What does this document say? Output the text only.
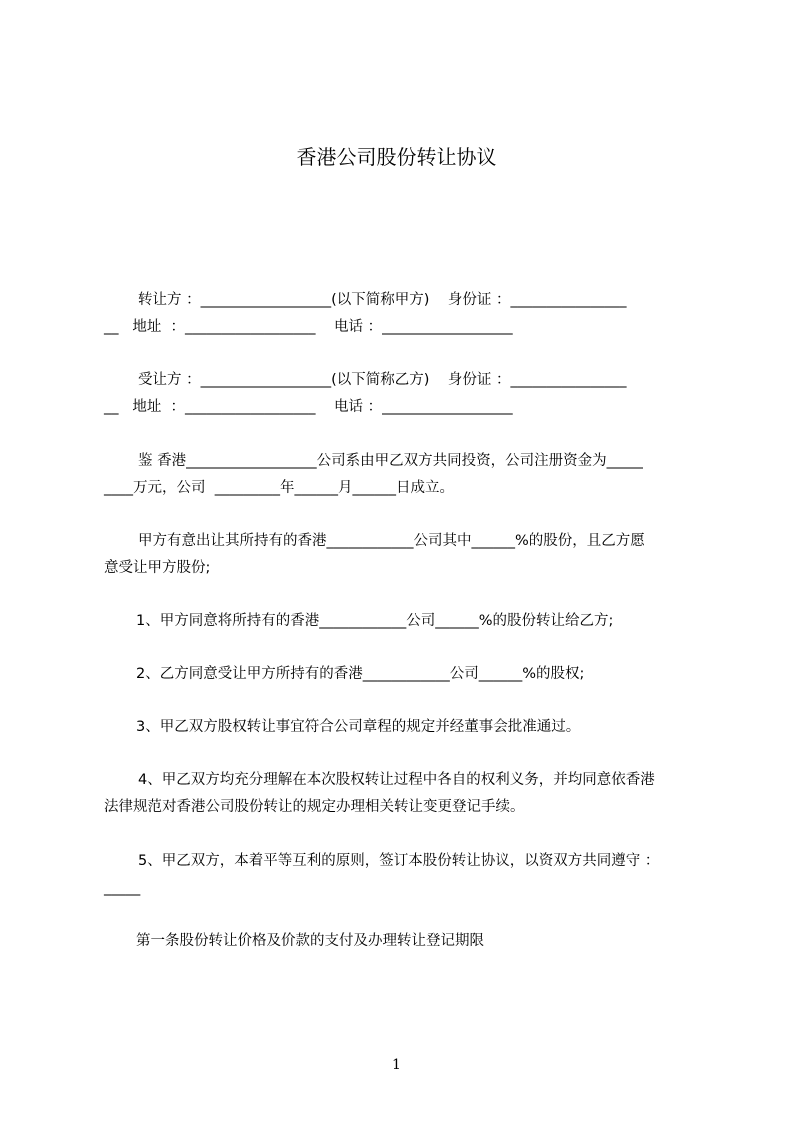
香港公司股份转让协议
转让方 ：__________________(以下简称甲方)    身份证 ：________________
__   地址  ：__________________    电话 ：__________________
受让方 ：__________________(以下简称乙方)    身份证 ：________________
__   地址  ：__________________    电话 ：__________________
鉴 香港__________________公司系由甲乙双方共同投资，公司注册资金为_____
____万元，公司  _________年______月______日成立。
甲方有意出让其所持有的香港____________公司其中______%的股份，且乙方愿
意受让甲方股份;
1、甲方同意将所持有的香港____________公司______%的股份转让给乙方;
2、乙方同意受让甲方所持有的香港____________公司______%的股权;
3、甲乙双方股权转让事宜符合公司章程的规定并经董事会批准通过。
4、甲乙双方均充分理解在本次股权转让过程中各自的权利义务，并均同意依香港
法律规范对香港公司股份转让的规定办理相关转让变更登记手续。
5、甲乙双方，本着平等互利的原则，签订本股份转让协议，以资双方共同遵守 ：
_____
第一条股份转让价格及价款的支付及办理转让登记期限
1
